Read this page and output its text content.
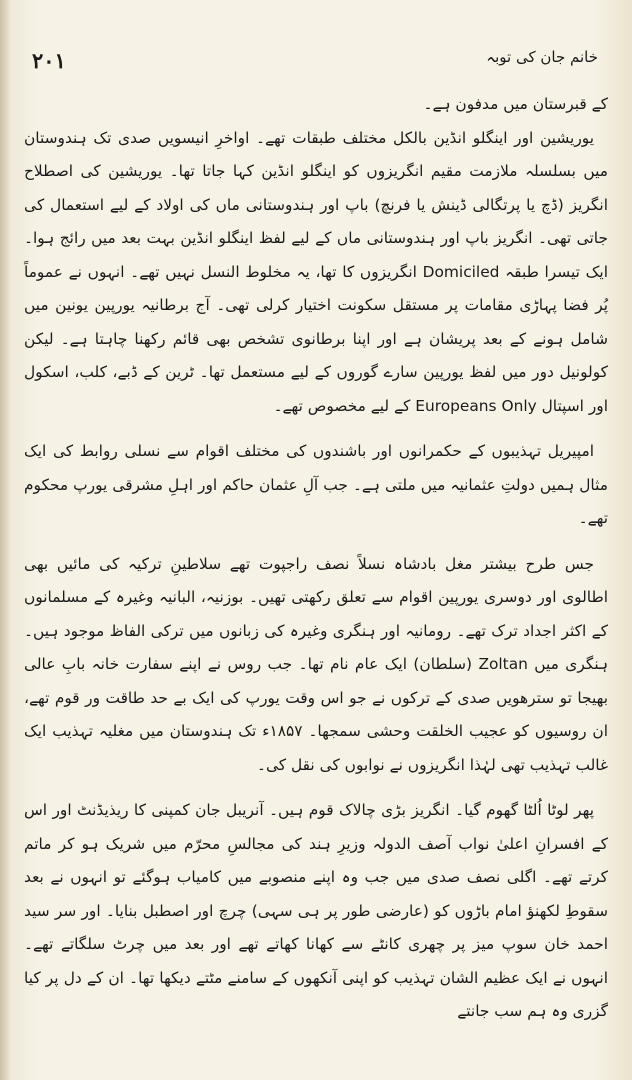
۲۰۱	خانم جان کی توبہ

کے قبرستان میں مدفون ہے۔

یوریشین اور اینگلو انڈین بالکل مختلف طبقات تھے۔ اواخرِ انیسویں صدی تک ہندوستان میں بسلسلہ ملازمت مقیم انگریزوں کو اینگلو انڈین کہا جاتا تھا۔ یوریشین کی اصطلاح انگریز (ڈچ یا پرتگالی ڈینش یا فرنچ) باپ اور ہندوستانی ماں کی اولاد کے لیے استعمال کی جاتی تھی۔ انگریز باپ اور ہندوستانی ماں کے لیے لفظ اینگلو انڈین بہت بعد میں رائج ہوا۔ ایک تیسرا طبقہ Domiciled انگریزوں کا تھا، یہ مخلوط النسل نہیں تھے۔ انہوں نے عموماً پُر فضا پہاڑی مقامات پر مستقل سکونت اختیار کرلی تھی۔ آج برطانیہ یورپین یونین میں شامل ہونے کے بعد پریشان ہے اور اپنا برطانوی تشخص بھی قائم رکھنا چاہتا ہے۔ لیکن کولونیل دور میں لفظ یورپین سارے گوروں کے لیے مستعمل تھا۔ ٹرین کے ڈبے، کلب، اسکول اور اسپتال Europeans Only کے لیے مخصوص تھے۔

امپیریل تہذیبوں کے حکمرانوں اور باشندوں کی مختلف اقوام سے نسلی روابط کی ایک مثال ہمیں دولتِ عثمانیہ میں ملتی ہے۔ جب آلِ عثمان حاکم اور اہلِ مشرقی یورپ محکوم تھے۔

جس طرح بیشتر مغل بادشاہ نسلاً نصف راجپوت تھے سلاطینِ ترکیہ کی مائیں بھی اطالوی اور دوسری یورپین اقوام سے تعلق رکھتی تھیں۔ بوزنیہ، البانیہ وغیرہ کے مسلمانوں کے اکثر اجداد ترک تھے۔ رومانیہ اور ہنگری وغیرہ کی زبانوں میں ترکی الفاظ موجود ہیں۔ ہنگری میں Zoltan (سلطان) ایک عام نام تھا۔ جب روس نے اپنے سفارت خانہ بابِ عالی بھیجا تو سترھویں صدی کے ترکوں نے جو اس وقت یورپ کی ایک بے حد طاقت ور قوم تھے، ان روسیوں کو عجیب الخلقت وحشی سمجھا۔ ۱۸۵۷ء تک ہندوستان میں مغلیہ تہذیب ایک غالب تہذیب تھی لہٰذا انگریزوں نے نوابوں کی نقل کی۔

پھر لوٹا اُلٹا گھوم گیا۔ انگریز بڑی چالاک قوم ہیں۔ آنریبل جان کمپنی کا ریذیڈنٹ اور اس کے افسرانِ اعلیٰ نواب آصف الدولہ وزیرِ ہند کی مجالسِ محرّم میں شریک ہو کر ماتم کرتے تھے۔ اگلی نصف صدی میں جب وہ اپنے منصوبے میں کامیاب ہوگئے تو انہوں نے بعد سقوطِ لکھنؤ امام باڑوں کو (عارضی طور پر ہی سہی) چرچ اور اصطبل بنایا۔ اور سر سید احمد خان سوپ میز پر چھری کانٹے سے کھانا کھاتے تھے اور بعد میں چرٹ سلگاتے تھے۔ انہوں نے ایک عظیم الشان تہذیب کو اپنی آنکھوں کے سامنے مٹتے دیکھا تھا۔ ان کے دل پر کیا گزری وہ ہم سب جانتے
